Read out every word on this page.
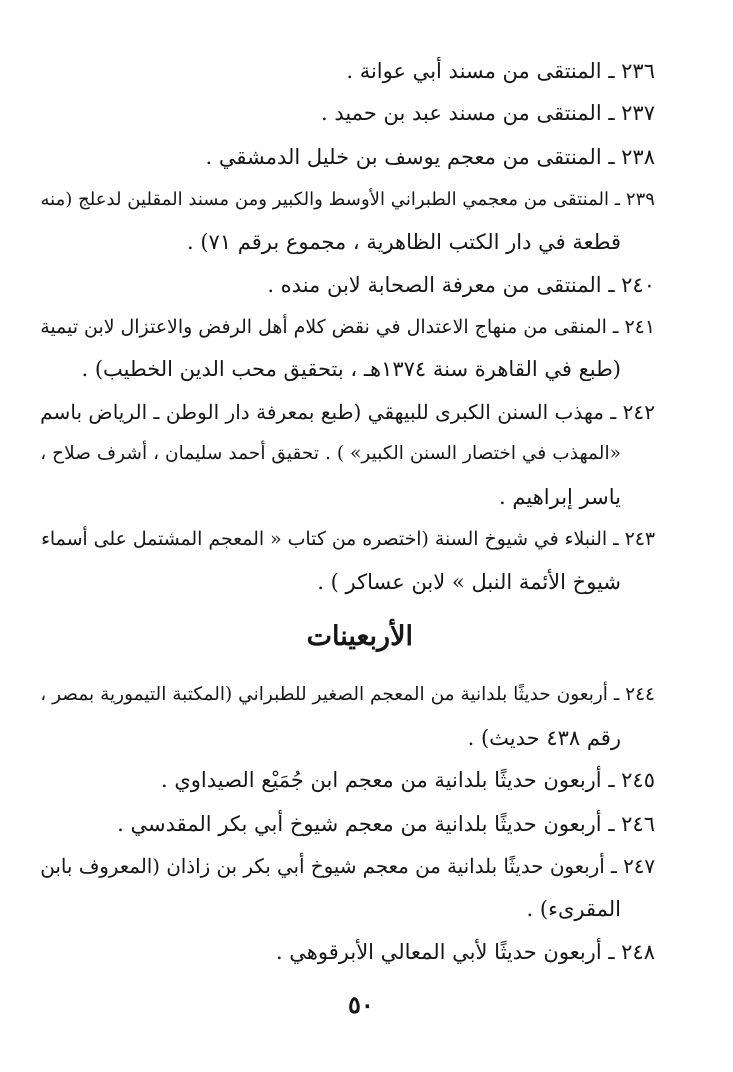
٢٣٦ ـ المنتقى من مسند أبي عوانة .
٢٣٧ ـ المنتقى من مسند عبد بن حميد .
٢٣٨ ـ المنتقى من معجم يوسف بن خليل الدمشقي .
٢٣٩ ـ المنتقى من معجمي الطبراني الأوسط والكبير ومن مسند المقلين لدعلج (منه
قطعة في دار الكتب الظاهرية ، مجموع برقم ٧١) .
٢٤٠ ـ المنتقى من معرفة الصحابة لابن منده .
٢٤١ ـ المنقى من منهاج الاعتدال في نقض كلام أهل الرفض والاعتزال لابن تيمية
(طبع في القاهرة سنة ١٣٧٤هـ ، بتحقيق محب الدين الخطيب) .
٢٤٢ ـ مهذب السنن الكبرى للبيهقي (طبع بمعرفة دار الوطن ـ الرياض باسم
«المهذب في اختصار السنن الكبير» ) . تحقيق أحمد سليمان ، أشرف صلاح ،
ياسر إبراهيم .
٢٤٣ ـ النبلاء في شيوخ السنة (اختصره من كتاب « المعجم المشتمل على أسماء
شيوخ الأئمة النبل » لابن عساكر ) .
الأربعينات
٢٤٤ ـ أربعون حديثًا بلدانية من المعجم الصغير للطبراني (المكتبة التيمورية بمصر ،
رقم ٤٣٨ حديث) .
٢٤٥ ـ أربعون حديثًا بلدانية من معجم ابن جُمَيْع الصيداوي .
٢٤٦ ـ أربعون حديثًا بلدانية من معجم شيوخ أبي بكر المقدسي .
٢٤٧ ـ أربعون حديثًا بلدانية من معجم شيوخ أبي بكر بن زاذان (المعروف بابن
المقرىء) .
٢٤٨ ـ أربعون حديثًا لأبي المعالي الأبرقوهي .
٥٠
